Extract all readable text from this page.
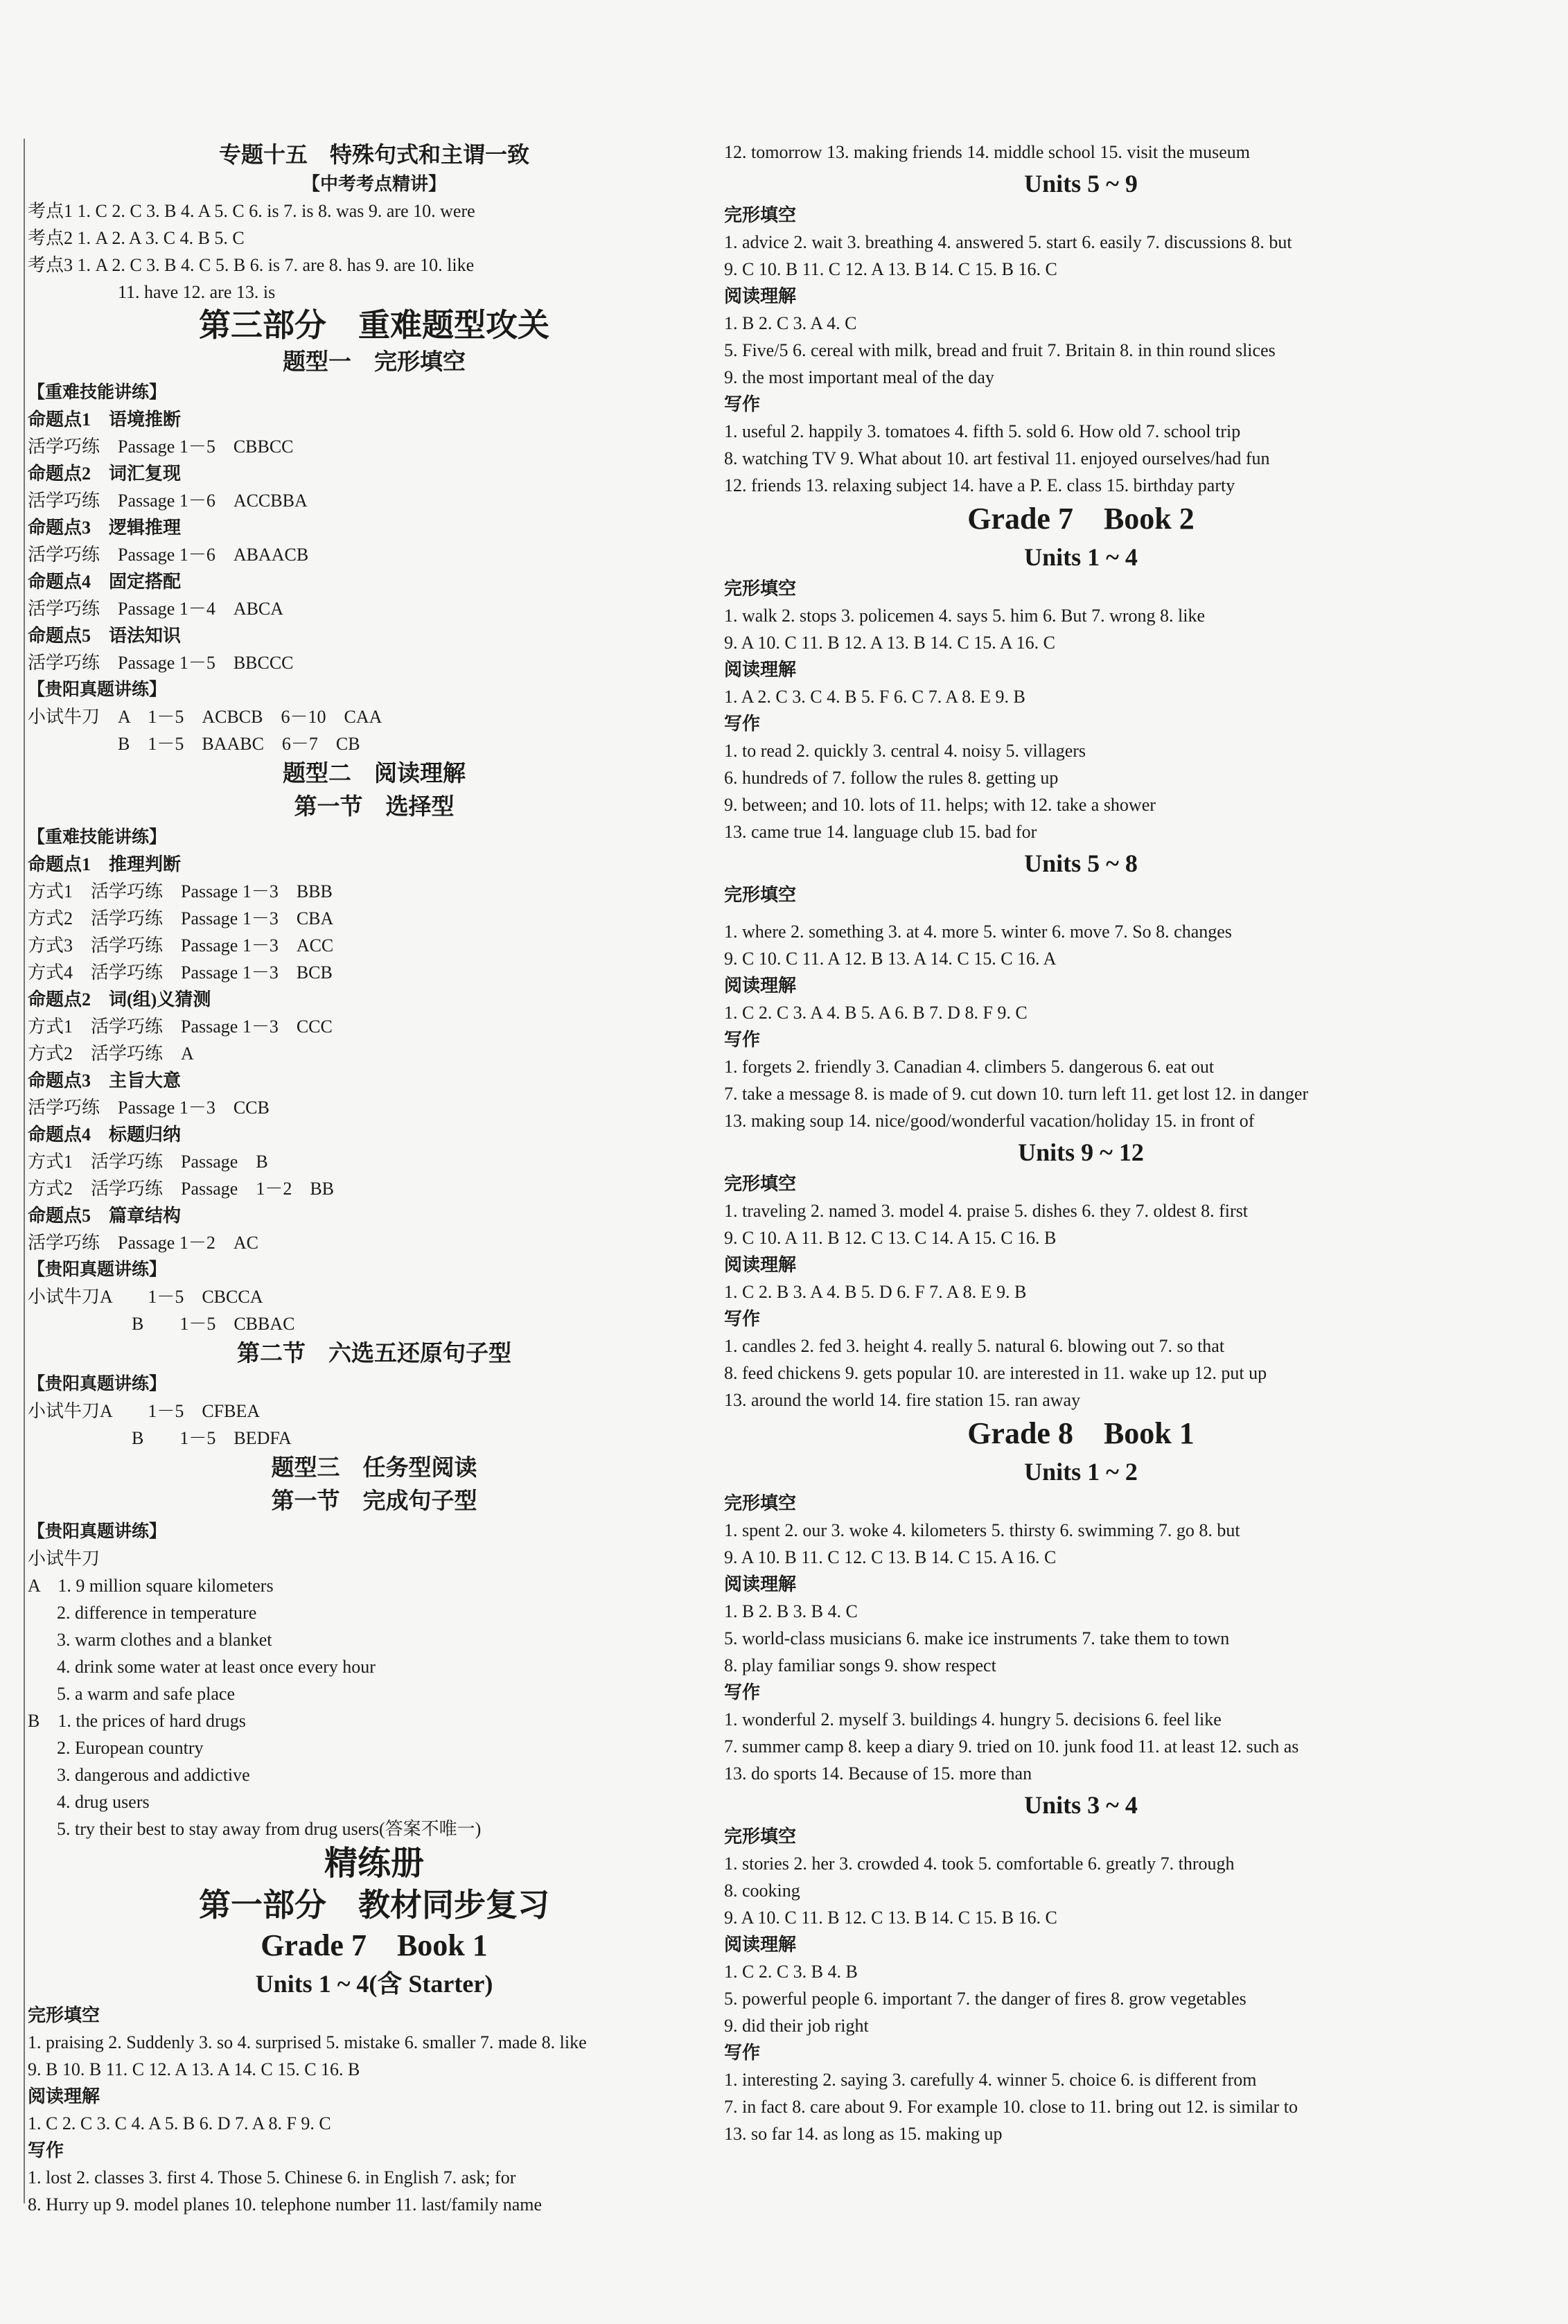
专题十五　特殊句式和主谓一致
【中考考点精讲】
考点1 1. C 2. C 3. B 4. A 5. C 6. is 7. is 8. was 9. are 10. were
考点2 1. A 2. A 3. C 4. B 5. C
考点3 1. A 2. C 3. B 4. C 5. B 6. is 7. are 8. has 9. are 10. like
11. have 12. are 13. is
第三部分　重难题型攻关
题型一　完形填空
【重难技能讲练】
命题点1　语境推断
活学巧练　Passage 1－5　CBBCC
命题点2　词汇复现
活学巧练　Passage 1－6　ACCBBA
命题点3　逻辑推理
活学巧练　Passage 1－6　ABAACB
命题点4　固定搭配
活学巧练　Passage 1－4　ABCA
命题点5　语法知识
活学巧练　Passage 1－5　BBCCC
【贵阳真题讲练】
小试牛刀　A　1－5　ACBCB　6－10　CAA
B　1－5　BAABC　6－7　CB
题型二　阅读理解
第一节　选择型
【重难技能讲练】
命题点1　推理判断
方式1　活学巧练　Passage 1－3　BBB
方式2　活学巧练　Passage 1－3　CBA
方式3　活学巧练　Passage 1－3　ACC
方式4　活学巧练　Passage 1－3　BCB
命题点2　词(组)义猜测
方式1　活学巧练　Passage 1－3　CCC
方式2　活学巧练　A
命题点3　主旨大意
活学巧练　Passage 1－3　CCB
命题点4　标题归纳
方式1　活学巧练　Passage　B
方式2　活学巧练　Passage　1－2　BB
命题点5　篇章结构
活学巧练　Passage 1－2　AC
【贵阳真题讲练】
小试牛刀A　　1－5　CBCCA
B　　1－5　CBBAC
第二节　六选五还原句子型
【贵阳真题讲练】
小试牛刀A　　1－5　CFBEA
B　　1－5　BEDFA
题型三　任务型阅读
第一节　完成句子型
【贵阳真题讲练】
小试牛刀
A　1. 9 million square kilometers
2. difference in temperature
3. warm clothes and a blanket
4. drink some water at least once every hour
5. a warm and safe place
B　1. the prices of hard drugs
2. European country
3. dangerous and addictive
4. drug users
5. try their best to stay away from drug users(答案不唯一)
精练册
第一部分　教材同步复习
Grade 7　Book 1
Units 1 ~ 4(含 Starter)
完形填空
1. praising 2. Suddenly 3. so 4. surprised 5. mistake 6. smaller 7. made 8. like
9. B 10. B 11. C 12. A 13. A 14. C 15. C 16. B
阅读理解
1. C 2. C 3. C 4. A 5. B 6. D 7. A 8. F 9. C
写作
1. lost 2. classes 3. first 4. Those 5. Chinese 6. in English 7. ask; for
8. Hurry up 9. model planes 10. telephone number 11. last/family name
12. tomorrow 13. making friends 14. middle school 15. visit the museum
Units 5 ~ 9
完形填空
1. advice 2. wait 3. breathing 4. answered 5. start 6. easily 7. discussions 8. but
9. C 10. B 11. C 12. A 13. B 14. C 15. B 16. C
阅读理解
1. B 2. C 3. A 4. C
5. Five/5 6. cereal with milk, bread and fruit 7. Britain 8. in thin round slices
9. the most important meal of the day
写作
1. useful 2. happily 3. tomatoes 4. fifth 5. sold 6. How old 7. school trip
8. watching TV 9. What about 10. art festival 11. enjoyed ourselves/had fun
12. friends 13. relaxing subject 14. have a P. E. class 15. birthday party
Grade 7　Book 2
Units 1 ~ 4
完形填空
1. walk 2. stops 3. policemen 4. says 5. him 6. But 7. wrong 8. like
9. A 10. C 11. B 12. A 13. B 14. C 15. A 16. C
阅读理解
1. A 2. C 3. C 4. B 5. F 6. C 7. A 8. E 9. B
写作
1. to read 2. quickly 3. central 4. noisy 5. villagers
6. hundreds of 7. follow the rules 8. getting up
9. between; and 10. lots of 11. helps; with 12. take a shower
13. came true 14. language club 15. bad for
Units 5 ~ 8
完形填空
1. where 2. something 3. at 4. more 5. winter 6. move 7. So 8. changes
9. C 10. C 11. A 12. B 13. A 14. C 15. C 16. A
阅读理解
1. C 2. C 3. A 4. B 5. A 6. B 7. D 8. F 9. C
写作
1. forgets 2. friendly 3. Canadian 4. climbers 5. dangerous 6. eat out
7. take a message 8. is made of 9. cut down 10. turn left 11. get lost 12. in danger
13. making soup 14. nice/good/wonderful vacation/holiday 15. in front of
Units 9 ~ 12
完形填空
1. traveling 2. named 3. model 4. praise 5. dishes 6. they 7. oldest 8. first
9. C 10. A 11. B 12. C 13. C 14. A 15. C 16. B
阅读理解
1. C 2. B 3. A 4. B 5. D 6. F 7. A 8. E 9. B
写作
1. candles 2. fed 3. height 4. really 5. natural 6. blowing out 7. so that
8. feed chickens 9. gets popular 10. are interested in 11. wake up 12. put up
13. around the world 14. fire station 15. ran away
Grade 8　Book 1
Units 1 ~ 2
完形填空
1. spent 2. our 3. woke 4. kilometers 5. thirsty 6. swimming 7. go 8. but
9. A 10. B 11. C 12. C 13. B 14. C 15. A 16. C
阅读理解
1. B 2. B 3. B 4. C
5. world-class musicians 6. make ice instruments 7. take them to town
8. play familiar songs 9. show respect
写作
1. wonderful 2. myself 3. buildings 4. hungry 5. decisions 6. feel like
7. summer camp 8. keep a diary 9. tried on 10. junk food 11. at least 12. such as
13. do sports 14. Because of 15. more than
Units 3 ~ 4
完形填空
1. stories 2. her 3. crowded 4. took 5. comfortable 6. greatly 7. through
8. cooking
9. A 10. C 11. B 12. C 13. B 14. C 15. B 16. C
阅读理解
1. C 2. C 3. B 4. B
5. powerful people 6. important 7. the danger of fires 8. grow vegetables
9. did their job right
写作
1. interesting 2. saying 3. carefully 4. winner 5. choice 6. is different from
7. in fact 8. care about 9. For example 10. close to 11. bring out 12. is similar to
13. so far 14. as long as 15. making up
